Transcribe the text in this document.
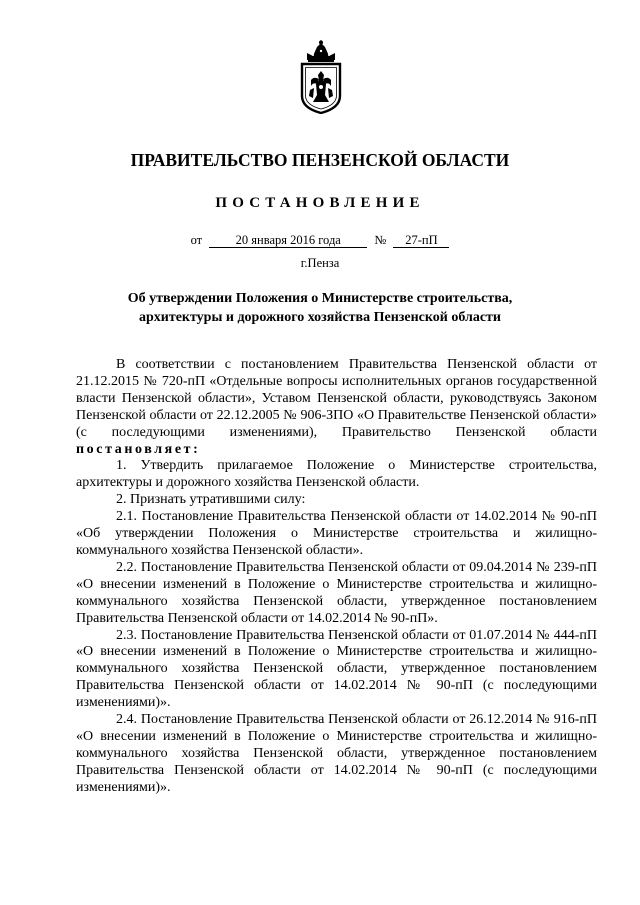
ПРАВИТЕЛЬСТВО ПЕНЗЕНСКОЙ ОБЛАСТИ
ПОСТАНОВЛЕНИЕ
от	20 января 2016 года	№ 27-пП
г.Пенза
Об утверждении Положения о Министерстве строительства,
архитектуры и дорожного хозяйства Пензенской области

В соответствии с постановлением Правительства Пензенской области от 21.12.2015 № 720-пП «Отдельные вопросы исполнительных органов государственной власти Пензенской области», Уставом Пензенской области, руководствуясь Законом Пензенской области от 22.12.2005 № 906-ЗПО «О Правительстве Пензенской области» (с последующими изменениями), Правительство Пензенской области постановляет:

1. Утвердить прилагаемое Положение о Министерстве строительства, архитектуры и дорожного хозяйства Пензенской области.

2. Признать утратившими силу:

2.1. Постановление Правительства Пензенской области от 14.02.2014 № 90-пП «Об утверждении Положения о Министерстве строительства и жилищно-коммунального хозяйства Пензенской области».

2.2. Постановление Правительства Пензенской области от 09.04.2014 № 239-пП «О внесении изменений в Положение о Министерстве строительства и жилищно-коммунального хозяйства Пензенской области, утвержденное постановлением Правительства Пензенской области от 14.02.2014 № 90-пП».

2.3. Постановление Правительства Пензенской области от 01.07.2014 № 444-пП «О внесении изменений в Положение о Министерстве строительства и жилищно-коммунального хозяйства Пензенской области, утвержденное постановлением Правительства Пензенской области от 14.02.2014 № 90-пП (с последующими изменениями)».

2.4. Постановление Правительства Пензенской области от 26.12.2014 № 916-пП «О внесении изменений в Положение о Министерстве строительства и жилищно-коммунального хозяйства Пензенской области, утвержденное постановлением Правительства Пензенской области от 14.02.2014 № 90-пП (с последующими изменениями)».
